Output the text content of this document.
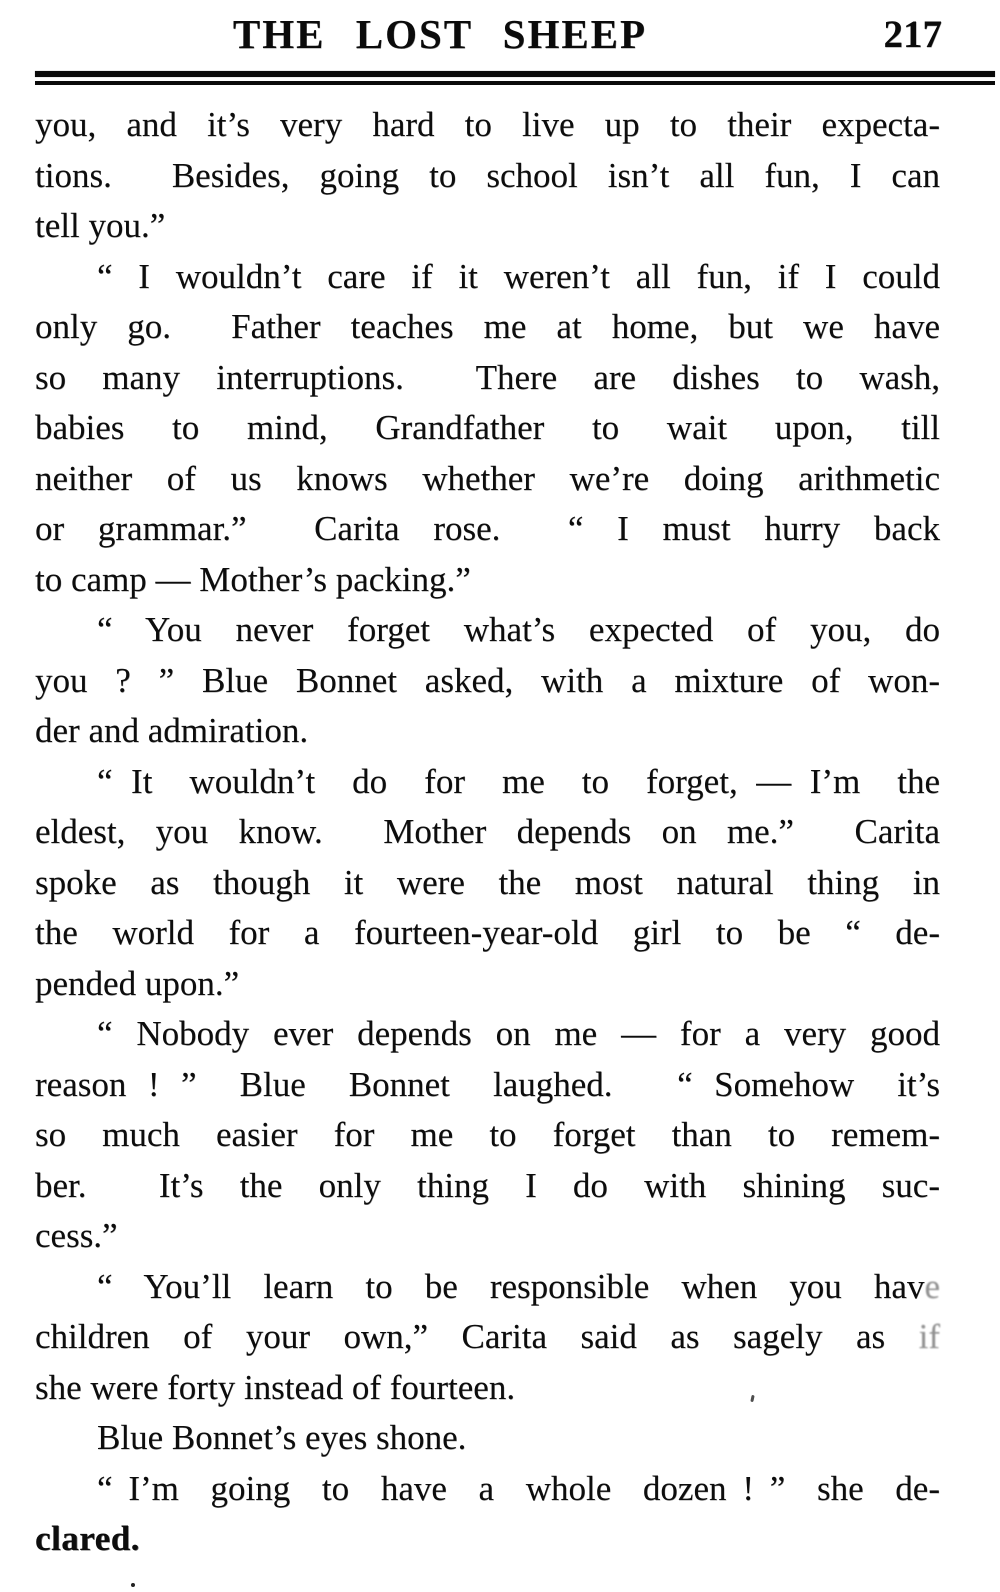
THE LOST SHEEP	217
you, and it’s very hard to live up to their expecta-
tions.  Besides, going to school isn’t all fun, I can
tell you.”
“ I wouldn’t care if it weren’t all fun, if I could
only go.  Father teaches me at home, but we have
so many interruptions.  There are dishes to wash,
babies to mind, Grandfather to wait upon, till
neither of us knows whether we’re doing arithmetic
or grammar.”  Carita rose.  “ I must hurry back
to camp — Mother’s packing.”
“ You never forget what’s expected of you, do
you ? ” Blue Bonnet asked, with a mixture of won-
der and admiration.
“ It  wouldn’t  do  for  me  to  forget, — I’m  the
eldest, you know.  Mother depends on me.”  Carita
spoke as though it were the most natural thing in
the world for a fourteen-year-old girl to be “ de-
pended upon.”
“ Nobody ever depends on me — for a very good
reason ! ”  Blue  Bonnet  laughed.   “ Somehow  it’s
so much easier for me to forget than to remem-
ber.  It’s the only thing I do with shining suc-
cess.”
“ You’ll learn to be responsible when you have
children of your own,” Carita said as sagely as if
she were forty instead of fourteen.
Blue Bonnet’s eyes shone.
“ I’m  going  to  have  a  whole  dozen ! ”  she  de-
clared.
